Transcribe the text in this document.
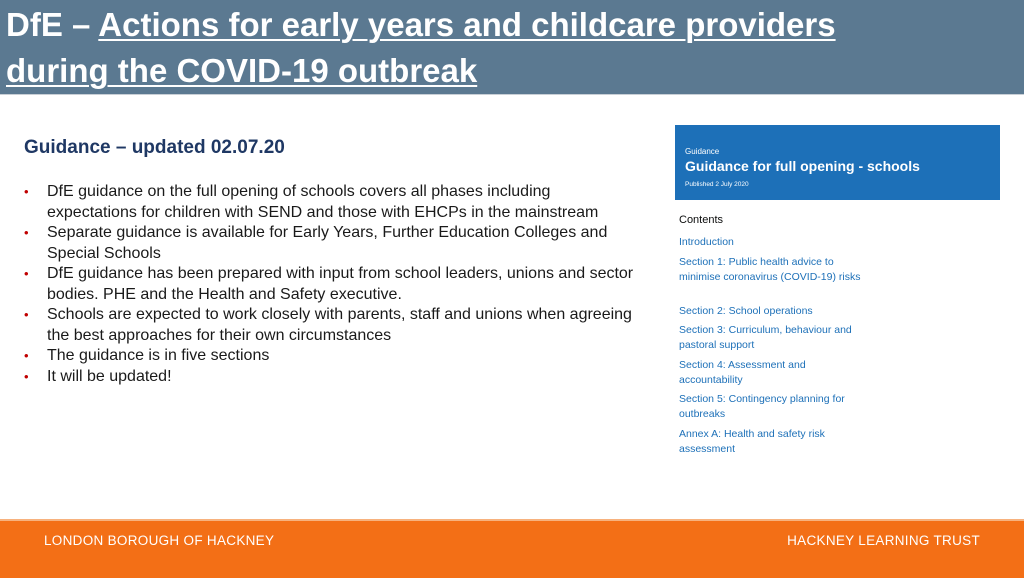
DfE – Actions for early years and childcare providers
during the COVID-19 outbreak
Guidance – updated 02.07.20
• DfE guidance on the full opening of schools covers all phases including expectations for children with SEND and those with EHCPs in the mainstream
• Separate guidance is available for Early Years, Further Education Colleges and Special Schools
• DfE guidance has been prepared with input from school leaders, unions and sector bodies. PHE and the Health and Safety executive.
• Schools are expected to work closely with parents, staff and unions when agreeing the best approaches for their own circumstances
• The guidance is in five sections
• It will be updated!
Guidance
Guidance for full opening - schools
Published 2 July 2020
Contents
Introduction
Section 1: Public health advice to minimise coronavirus (COVID-19) risks
Section 2: School operations
Section 3: Curriculum, behaviour and pastoral support
Section 4: Assessment and accountability
Section 5: Contingency planning for outbreaks
Annex A: Health and safety risk assessment
LONDON BOROUGH OF HACKNEY	HACKNEY LEARNING TRUST
